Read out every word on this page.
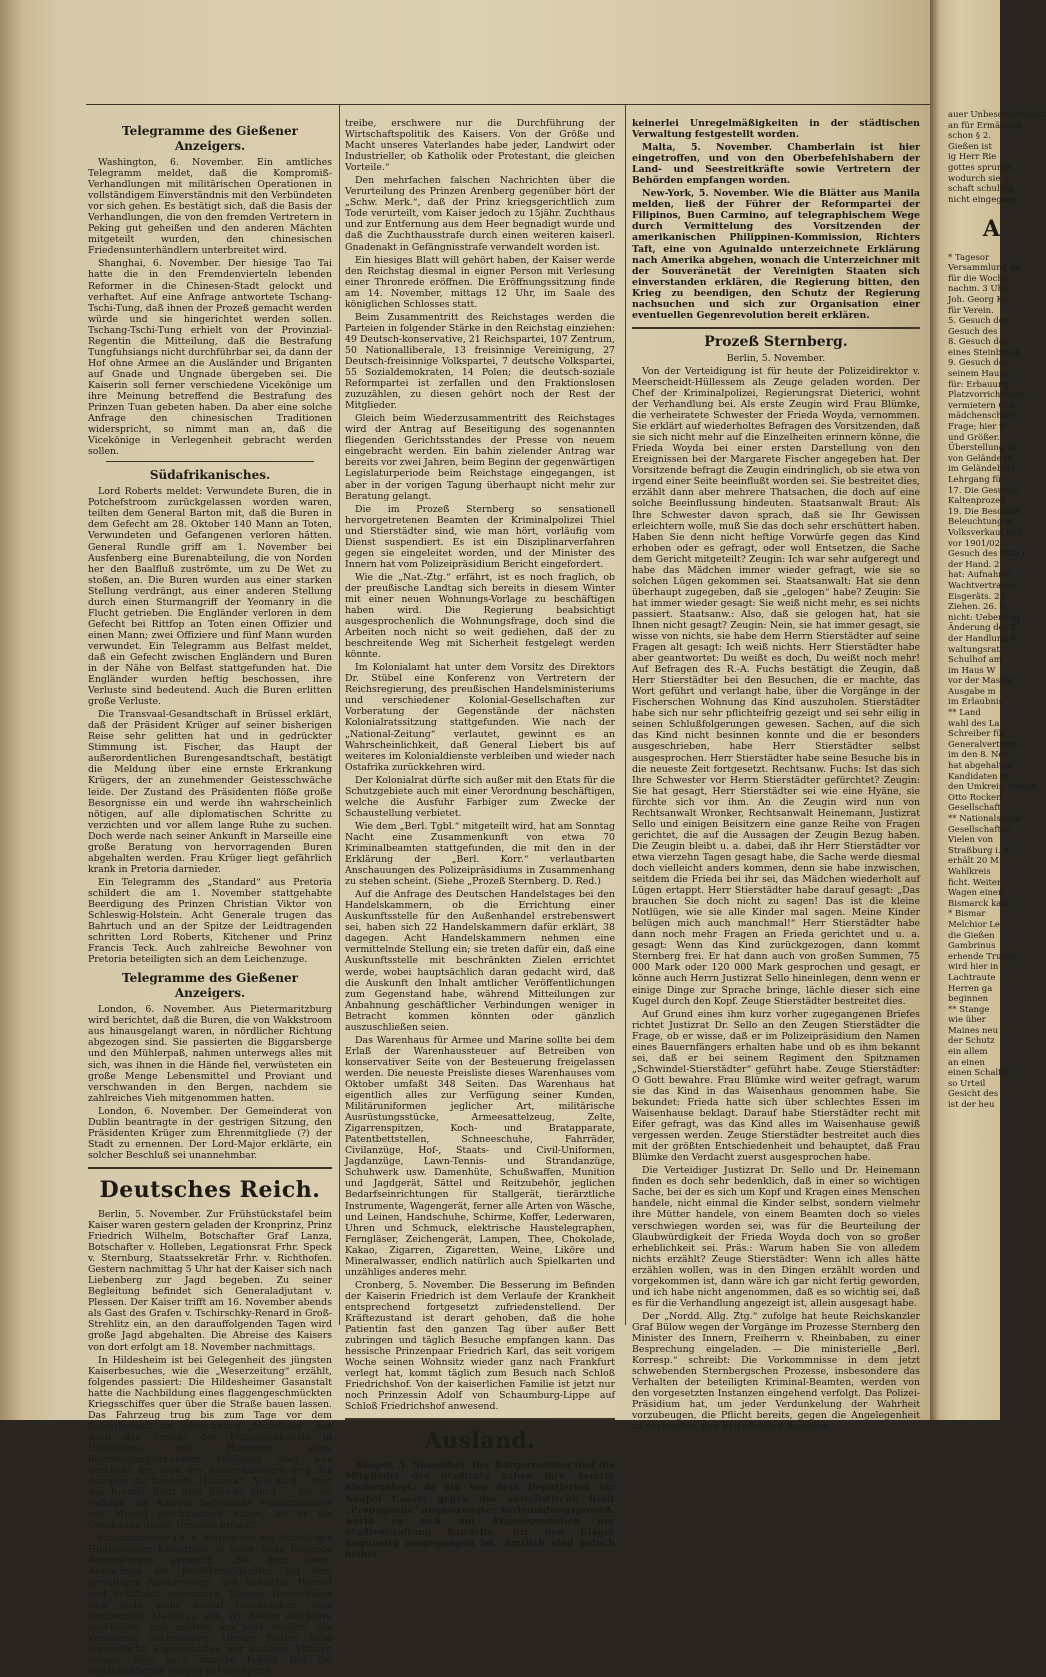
Telegramme des Gießener Anzeigers.

Washington, 6. November. Ein amtliches Telegramm meldet, daß die Kompromiß-Verhandlungen mit militärischen Operationen in vollständigem Einverständnis mit den Verbündeten vor sich gehen. Es bestätigt sich, daß die Basis der Verhandlungen, die von den fremden Vertretern in Peking gut geheißen und den anderen Mächten mitgeteilt wurden, den chinesischen Friedensunterhändlern unterbreitet wird.

Shanghai, 6. November. Der hiesige Tao Tai hatte die in den Fremdenvierteln lebenden Reformer in die Chinesen-Stadt gelockt und verhaftet. Auf eine Anfrage antwortete Tschang-Tschi-Tung, daß ihnen der Prozeß gemacht werden würde und sie hingerichtet werden sollen. Tschang-Tschi-Tung erhielt von der Provinzial-Regentin die Mitteilung, daß die Bestrafung Tungfuhsiangs nicht durchführbar sei, da dann der Hof ohne Armee an die Ausländer und Briganten auf Gnade und Ungnade übergeben sei. Die Kaiserin soll ferner verschiedene Vicekönige um ihre Meinung betreffend die Bestrafung des Prinzen Tuan gebeten haben. Da aber eine solche Anfrage den chinesischen Traditionen widerspricht, so nimmt man an, daß die Vicekönige in Verlegenheit gebracht werden sollen.

Südafrikanisches.

Lord Roberts meldet: Verwundete Buren, die in Potchefstroom zurückgelassen worden waren, teilten dem General Barton mit, daß die Buren in dem Gefecht am 28. Oktober 140 Mann an Toten, Verwundeten und Gefangenen verloren hätten. General Rundle griff am 1. November bei Ausfenberg eine Burenabteilung, die von Norden her den Baalfluß zuströmte, um zu De Wet zu stoßen, an. Die Buren wurden aus einer starken Stellung verdrängt, aus einer anderen Stellung durch einen Sturmangriff der Yeomanry in die Flucht getrieben. Die Engländer verloren in dem Gefecht bei Rittfop an Toten einen Offizier und einen Mann; zwei Offiziere und fünf Mann wurden verwundet. Ein Telegramm aus Belfast meldet, daß ein Gefecht zwischen Engländern und Buren in der Nähe von Belfast stattgefunden hat. Die Engländer wurden heftig beschossen, ihre Verluste sind bedeutend. Auch die Buren erlitten große Verluste.

Die Transvaal-Gesandtschaft in Brüssel erklärt, daß der Präsident Krüger auf seiner bisherigen Reise sehr gelitten hat und in gedrückter Stimmung ist. Fischer, das Haupt der außerordentlichen Burengesandtschaft, bestätigt die Meldung über eine ernste Erkrankung Krügers, der an zunehmender Geistesschwäche leide. Der Zustand des Präsidenten flöße große Besorgnisse ein und werde ihn wahrscheinlich nötigen, auf alle diplomatischen Schritte zu verzichten und vor allem lange Ruhe zu suchen. Doch werde nach seiner Ankunft in Marseille eine große Beratung von hervorragenden Buren abgehalten werden. Frau Krüger liegt gefährlich krank in Pretoria darnieder.

Ein Telegramm des „Standard“ aus Pretoria schildert die am 1. November stattgehabte Beerdigung des Prinzen Christian Viktor von Schleswig-Holstein. Acht Generale trugen das Bahrtuch und an der Spitze der Leidtragenden schritten Lord Roberts, Kitchener und Prinz Francis Teck. Auch zahlreiche Bewohner von Pretoria beteiligten sich an dem Leichenzuge.

Telegramme des Gießener Anzeigers.

London, 6. November. Aus Pietermaritzburg wird berichtet, daß die Buren, die von Wakkstroom aus hinausgelangt waren, in nördlicher Richtung abgezogen sind. Sie passierten die Biggarsberge und den Mühlerpaß, nahmen unterwegs alles mit sich, was ihnen in die Hände fiel, verwüsteten ein große Menge Lebensmittel und Proviant und verschwanden in den Bergen, nachdem sie zahlreiches Vieh mitgenommen hatten.

London, 6. November. Der Gemeinderat von Dublin beantragte in der gestrigen Sitzung, den Präsidenten Krüger zum Ehrenmitgliede (?) der Stadt zu ernennen. Der Lord-Major erklärte, ein solcher Beschluß sei unannehmbar.

Deutsches Reich.

Berlin, 5. November. Zur Frühstückstafel beim Kaiser waren gestern geladen der Kronprinz, Prinz Friedrich Wilhelm, Botschafter Graf Lanza, Botschafter v. Holleben, Legationsrat Frhr. Speck v. Sternburg, Staatssekretär Frhr. v. Richthofen. Gestern nachmittag 5 Uhr hat der Kaiser sich nach Liebenberg zur Jagd begeben. Zu seiner Begleitung befindet sich Generaladjutant v. Plessen. Der Kaiser trifft am 16. November abends als Gast des Grafen v. Tschirschky-Renard in Groß-Strehlitz ein, an den darauffolgenden Tagen wird große Jagd abgehalten. Die Abreise des Kaisers von dort erfolgt am 18. November nachmittags.

In Hildesheim ist bei Gelegenheit des jüngsten Kaiserbesuches, wie die „Weserzeitung“ erzählt, folgendes passiert: Die Hildesheimer Gasanstalt hatte die Nachbildung eines flaggengeschmückten Kriegsschiffes quer über die Straße bauen lassen. Das Fahrzeug trug bis zum Tage vor dem Kaiserbesuch die Bezeichnung „Mittelland“, hat doch das Projekt des Mittellandkanals in Hildesheim und Hannover seine überzeugungstreuesten Anhänger. Aber was geschah? Am Tage des Kaiser-Einzuges trug der Dampfer die Inschrift „Hildesia“. „Wie wird — fügt das Bremer Blatt dem Bericht hinzu — der im Gefolge des Kaisers befindliche Finanzminister von Miquel geschmunzelt haben, als er die Geschichte dieser Umtaufe erfuhr?“

Finanzminister Dr. v. Miquel hat am Schluß der Hildesheimer Kaisertage in einer Rede folgende Bemerkungen gemacht: „Bei dem steten Anwachsen der Bevölkerungsziffer, bei dem gewaltigen Aufschwunge, den Industrie, Handel und Schiffahrt genommen, können Deutschland sich nicht mehr darauf beschränken, eine kontinentale Macht zu sein. Wir hätten 200 Jahre geschlafen, und müßten uns jetzt beeilen, das Versäumte nachzuholen. Unsere Nation habe vortreffliche Eigenschaften vor anderen Völkern voraus, aber auch manche Fehler. Der die wirtschaftlichen Fragen auf die Spitze

treibe, erschwere nur die Durchführung der Wirtschaftspolitik des Kaisers. Von der Größe und Macht unseres Vaterlandes habe jeder, Landwirt oder Industrieller, ob Katholik oder Protestant, die gleichen Vorteile.“

Den mehrfachen falschen Nachrichten über die Verurteilung des Prinzen Arenberg gegenüber hört der „Schw. Merk.“, daß der Prinz kriegsgerichtlich zum Tode verurteilt, vom Kaiser jedoch zu 15jähr. Zuchthaus und zur Entfernung aus dem Heer begnadigt wurde und daß die Zuchthausstrafe durch einen weiteren kaiserl. Gnadenakt in Gefängnisstrafe verwandelt worden ist.

Ein hiesiges Blatt will gehört haben, der Kaiser werde den Reichstag diesmal in eigner Person mit Verlesung einer Thronrede eröffnen. Die Eröffnungssitzung finde am 14. November, mittags 12 Uhr, im Saale des königlichen Schlosses statt.

Beim Zusammentritt des Reichstages werden die Parteien in folgender Stärke in den Reichstag einziehen: 49 Deutsch-konservative, 21 Reichspartei, 107 Zentrum, 50 Nationalliberale, 13 freisinnige Vereinigung, 27 Deutsch-freisinnige Volkspartei, 7 deutsche Volkspartei, 55 Sozialdemokraten, 14 Polen; die deutsch-soziale Reformpartei ist zerfallen und den Fraktionslosen zuzuzählen, zu diesen gehört noch der Rest der Mitglieder.

Gleich beim Wiederzusammentritt des Reichstages wird der Antrag auf Beseitigung des sogenannten fliegenden Gerichtsstandes der Presse von neuem eingebracht werden. Ein bahin zielender Antrag war bereits vor zwei Jahren, beim Beginn der gegenwärtigen Legislaturperiode beim Reichstage eingegangen, ist aber in der vorigen Tagung überhaupt nicht mehr zur Beratung gelangt.

Die im Prozeß Sternberg so sensationell hervorgetretenen Beamten der Kriminalpolizei Thiel und Stierstädter sind, wie man hört, vorläufig vom Dienst suspendiert. Es ist ein Disziplinarverfahren gegen sie eingeleitet worden, und der Minister des Innern hat vom Polizeipräsidium Bericht eingefordert.

Wie die „Nat.-Ztg.“ erfährt, ist es noch fraglich, ob der preußische Landtag sich bereits in diesem Winter mit einer neuen Wohnungs-Vorlage zu beschäftigen haben wird. Die Regierung beabsichtigt ausgesprochenlich die Wohnungsfrage, doch sind die Arbeiten noch nicht so weit gediehen, daß der zu beschreitende Weg mit Sicherheit festgelegt werden könnte.

Im Kolonialamt hat unter dem Vorsitz des Direktors Dr. Stübel eine Konferenz von Vertretern der Reichsregierung, des preußischen Handelsministeriums und verschiedener Kolonial-Gesellschaften zur Vorberatung der Gegenstände der nächsten Kolonialratssitzung stattgefunden. Wie nach der „National-Zeitung“ verlautet, gewinnt es an Wahrscheinlichkeit, daß General Liebert bis auf weiteres im Kolonialdienste verbleiben und wieder nach Ostafrika zurückkehren wird.

Der Kolonialrat dürfte sich außer mit den Etats für die Schutzgebiete auch mit einer Verordnung beschäftigen, welche die Ausfuhr Farbiger zum Zwecke der Schaustellung verbietet.

Wie dem „Berl. Tgbl.“ mitgeteilt wird, hat am Sonntag Nacht eine Zusammenkunft von etwa 70 Kriminalbeamten stattgefunden, die mit den in der Erklärung der „Berl. Korr.“ verlautbarten Anschauungen des Polizeipräsidiums in Zusammenhang zu stehen scheint. (Siehe „Prozeß Sternberg. D. Red.)

Auf die Anfrage des Deutschen Handelstages bei den Handelskammern, ob die Errichtung einer Auskunftsstelle für den Außenhandel erstrebenswert sei, haben sich 22 Handelskammern dafür erklärt, 38 dagegen. Acht Handelskammern nehmen eine vermittelnde Stellung ein; sie treten dafür ein, daß eine Auskunftsstelle mit beschränkten Zielen errichtet werde, wobei hauptsächlich daran gedacht wird, daß die Auskunft den Inhalt amtlicher Veröffentlichungen zum Gegenstand habe, während Mitteilungen zur Anbahnung geschäftlicher Verbindungen weniger in Betracht kommen könnten oder gänzlich auszuschließen seien.

Das Warenhaus für Armee und Marine sollte bei dem Erlaß der Warenhaussteuer auf Betreiben von konservativer Seite von der Besteuerung freigelassen werden. Die neueste Preisliste dieses Warenhauses vom Oktober umfaßt 348 Seiten. Das Warenhaus hat eigentlich alles zur Verfügung seiner Kunden, Militäruniformen jeglicher Art, militärische Ausrüstungsstücke, Armeesattelzeug, Zelte, Zigarrenspitzen, Koch- und Bratapparate, Patentbettstellen, Schneeschuhe, Fahrräder, Civilanzüge, Hof-, Staats- und Civil-Uniformen, Jagdanzüge, Lawn-Tennis- und Strandanzüge, Schuhwerk usw. Damenhüte, Schußwaffen, Munition und Jagdgerät, Sättel und Reitzubehör, jeglichen Bedarfseinrichtungen für Stallgerät, tierärztliche Instrumente, Wagengerät, ferner alle Arten von Wäsche, und Leinen, Handschuhe, Schirme, Koffer, Lederwaren, Uhren und Schmuck, elektrische Haustelegraphen, Ferngläser, Zeichengerät, Lampen, Thee, Chokolade, Kakao, Zigarren, Zigaretten, Weine, Liköre und Mineralwasser, endlich natürlich auch Spielkarten und unzähliges anderes mehr.

Cronberg, 5. November. Die Besserung im Befinden der Kaiserin Friedrich ist dem Verlaufe der Krankheit entsprechend fortgesetzt zufriedenstellend. Der Kräftezustand ist derart gehoben, daß die hohe Patientin fast den ganzen Tag über außer Bett zubringen und täglich Besuche empfangen kann. Das hessische Prinzenpaar Friedrich Karl, das seit vorigem Woche seinen Wohnsitz wieder ganz nach Frankfurt verlegt hat, kommt täglich zum Besuch nach Schloß Friedrichshof. Von der kaiserlichen Familie ist jetzt nur noch Prinzessin Adolf von Schaumburg-Lippe auf Schloß Friedrichshof anwesend.

Ausland.

Neapel, 5. November. Der Bürgermeister und die Mitglieder des Stadtrats haben ihre Aemter niedergelegt, da ein von dem Deputierten für Neapel Casale gegen das sozialistische Blatt „Propaganda“ angestrengter Verleumdungsprozeß, worin es sich um Angelegenheiten der Stadtverwaltung handelte, für den Kläger ungünstig ausgegangen ist. Amtlich sind jedoch bisher

keinerlei Unregelmäßigkeiten in der städtischen Verwaltung festgestellt worden.

Malta, 5. November. Chamberlain ist hier eingetroffen, und von den Oberbefehlshabern der Land- und Seestreitkräfte sowie Vertretern der Behörden empfangen worden.

New-York, 5. November. Wie die Blätter aus Manila melden, ließ der Führer der Reformpartei der Filipinos, Buen Carmino, auf telegraphischem Wege durch Vermittelung des Vorsitzenden der amerikanischen Philippinen-Kommission, Richters Taft, eine von Aguinaldo unterzeichnete Erklärung nach Amerika abgehen, wonach die Unterzeichner mit der Souveränetät der Vereinigten Staaten sich einverstanden erklären, die Regierung bitten, den Krieg zu beendigen, den Schutz der Regierung nachsuchen und sich zur Organisation einer eventuellen Gegenrevolution bereit erklären.

Prozeß Sternberg.
Berlin, 5. November.

Von der Verteidigung ist für heute der Polizeidirektor v. Meerscheidt-Hüllessem als Zeuge geladen worden. Der Chef der Kriminalpolizei, Regierungsrat Dieterici, wohnt der Verhandlung bei. Als erste Zeugin wird Frau Blümke, die verheiratete Schwester der Frieda Woyda, vernommen. Sie erklärt auf wiederholtes Befragen des Vorsitzenden, daß sie sich nicht mehr auf die Einzelheiten erinnern könne, die Frieda Woyda bei einer ersten Darstellung von den Ereignissen bei der Margarete Fischer angegeben hat. Der Vorsitzende befragt die Zeugin eindringlich, ob sie etwa von irgend einer Seite beeinflußt worden sei. Sie bestreitet dies, erzählt dann aber mehrere Thatsachen, die doch auf eine solche Beeinflussung hindeuten. Staatsanwalt Braut: Als Ihre Schwester davon sprach, daß sie Ihr Gewissen erleichtern wolle, muß Sie das doch sehr erschüttert haben. Haben Sie denn nicht heftige Vorwürfe gegen das Kind erhoben oder es gefragt, oder woll Entsetzen, die Sache dem Gericht mitgeteilt? Zeugin: Ich war sehr aufgeregt und habe das Mädchen immer wieder gefragt, wie sie so solchen Lügen gekommen sei. Staatsanwalt: Hat sie denn überhaupt zugegeben, daß sie „gelogen“ habe? Zeugin: Sie hat immer wieder gesagt: Sie weiß nicht mehr, es sei nichts passiert. Staatsanw.: Also, daß sie gelogen hat, hat sie Ihnen nicht gesagt? Zeugin: Nein, sie hat immer gesagt, sie wisse von nichts, sie habe dem Herrn Stierstädter auf seine Fragen alt gesagt: Ich weiß nichts. Herr Stierstädter habe aber geantwortet: Du weißt es doch, Du weißt noch mehr! Auf Befragen des R.-A. Fuchs bestätigt die Zeugin, daß Herr Stierstädter bei den Besuchen, die er machte, das Wort geführt und verlangt habe, über die Vorgänge in der Fischerschen Wohnung das Kind auszuholen. Stierstädter habe sich nur sehr pflichteifrig gezeigt und sei sehr eilig in seinen Schlußfolgerungen gewesen. Sachen, auf die sich das Kind nicht besinnen konnte und die er besonders ausgeschrieben, habe Herr Stierstädter selbst ausgesprochen. Herr Stierstädter habe seine Besuche bis in die neueste Zeit fortgesetzt. Rechtsanw. Fuchs: Ist das sich Ihre Schwester vor Herrn Stierstädter gefürchtet? Zeugin: Sie hat gesagt, Herr Stierstädter sei wie eine Hyäne, sie fürchte sich vor ihm. An die Zeugin wird nun von Rechtsanwalt Wronker, Rechtsanwalt Heinemann, Justizrat Sello und einigen Beisitzern eine ganze Reihe von Fragen gerichtet, die auf die Aussagen der Zeugin Bezug haben. Die Zeugin bleibt u. a. dabei, daß ihr Herr Stierstädter vor etwa vierzehn Tagen gesagt habe, die Sache werde diesmal doch vielleicht anders kommen, denn sie habe inzwischen, seitdem die Frieda bei ihr sei, das Mädchen wiederholt auf Lügen ertappt. Herr Stierstädter habe darauf gesagt: „Das brauchen Sie doch nicht zu sagen! Das ist die kleine Notlügen, wie sie alle Kinder mal sagen. Meine Kinder belügen mich auch manchmal!“ Herr Stierstädter habe dann noch mehr Fragen an Frieda gerichtet und u. a. gesagt: Wenn das Kind zurückgezogen, dann kommt Sternberg frei. Er hat dann auch von großen Summen, 75 000 Mark oder 120 000 Mark gesprochen und gesagt, er könne auch Herrn Justizrat Sello hineinlegen, denn wenn er einige Dinge zur Sprache bringe, lächle dieser sich eine Kugel durch den Kopf. Zeuge Stierstädter bestreitet dies.

Auf Grund eines ihm kurz vorher zugegangenen Briefes richtet Justizrat Dr. Sello an den Zeugen Stierstädter die Frage, ob er wisse, daß er im Polizeipräsidium den Namen eines Bauernfängers erhalten habe und ob es ihm bekannt sei, daß er bei seinem Regiment den Spitznamen „Schwindel-Stierstädter“ geführt habe. Zeuge Stierstädter: O Gott bewahre. Frau Blümke wird weiter gefragt, warum sie das Kind in das Waisenhaus genommen habe. Sie bekundet: Frieda hatte sich über schlechtes Essen im Waisenhause beklagt. Darauf habe Stierstädter recht mit Eifer gefragt, was das Kind alles im Waisenhause gewiß vergessen werden. Zeuge Stierstädter bestreitet auch dies mit der größten Entschiedenheit und behauptet, daß Frau Blümke den Verdacht zuerst ausgesprochen habe.

Die Verteidiger Justizrat Dr. Sello und Dr. Heinemann finden es doch sehr bedenklich, daß in einer so wichtigen Sache, bei der es sich um Kopf und Kragen eines Menschen handele, nicht einmal die Kinder selbst, sondern vielmehr ihre Mütter handele, von einem Beamten doch so vieles verschwiegen worden sei, was für die Beurteilung der Glaubwürdigkeit der Frieda Woyda doch von so großer erheblichkeit sei. Präs.: Warum haben Sie von alledem nichts erzählt? Zeuge Stierstädter: Wenn ich alles hätte erzählen wollen, was in den Dingen erzählt worden und vorgekommen ist, dann wäre ich gar nicht fertig geworden, und ich habe nicht angenommen, daß es so wichtig sei, daß es für die Verhandlung angezeigt ist, allein ausgesagt habe.

Der „Nordd. Allg. Ztg.“ zufolge hat heute Reichskanzler Graf Bülow wegen der Vorgänge im Prozesse Sternberg den Minister des Innern, Freiherrn v. Rheinbaben, zu einer Besprechung eingeladen. — Die ministerielle „Berl. Korresp.“ schreibt: Die Vorkommnisse in dem jetzt schwebenden Sternbergschen Prozesse, insbesondere das Verhalten der beteiligten Kriminal-Beamten, werden von den vorgesetzten Instanzen eingehend verfolgt. Das Polizei-Präsidium hat, um jeder Verdunkelung der Wahrheit vorzubeugen, die Pflicht bereits, gegen die Angelegenheit zu verbreiten, den betreffenden Beamten

auer Unbescholtenheit
an für Ermächtig
schon § 2.
Gießen ist
ig Herr Rie
gottes sprungs
wodurch sie g
schaft schuldig
nicht eingegang

A

* Tagesor
Versammlung de
für die Woche
nachm. 3 Uhr.
Joh. Georg Ko
für Verein.
5. Gesuch des
Gesuch des
8. Gesuch des
eines Steinbrech
9. Gesuch des
seinem Hause
für: Erbauung
Platzvorrichtunge
vermietern Gre
mädchenschule
Frage; hier w
und Größer.
Überstellung im
von Gelände in
im Geländebetr
Lehrgang für
17. Die Gesuche
Kaltenprozeß.
19. Die Besoldun
Beleuchtung in
Volksverkauf und
vor 1901/02.
Gesuch des Otto L
der Hand. 2
hat: Aufnahme
Wachtvertrages
Eisgeräts. 24
Ziehen. 26. D
nicht: Uebertrag
Änderung der T
der Handlung h
waltungsrat.
Schulhof am
im Haus W
vor der Maschi
Ausgabe m
im Erlaubnis
** Land
wahl des La
Schreiber für
Generalvertrams
im den 8. Nov
hat abgehalten
Kandidaten in
den Umkreis, Oekon
Otto Rocken
Gesellschaft
** Nationalsozial
Gesellschaften
Vielen von
Straßburg i. E.
erhält 20 M.
Wahlkreis
ficht. Weiter
Wagen einen
Bismarck kam
* Bismar
Melchior Le
die Gießen
Gambrinus
erhende Truppe
wird hier in
Lachtraute
Herren ga
beginnen
** Stange
wie über
Maines neu
der Schutz
ein allem
an einen
einen Schalfal
so Urteil
Gesicht des
ist der heu
